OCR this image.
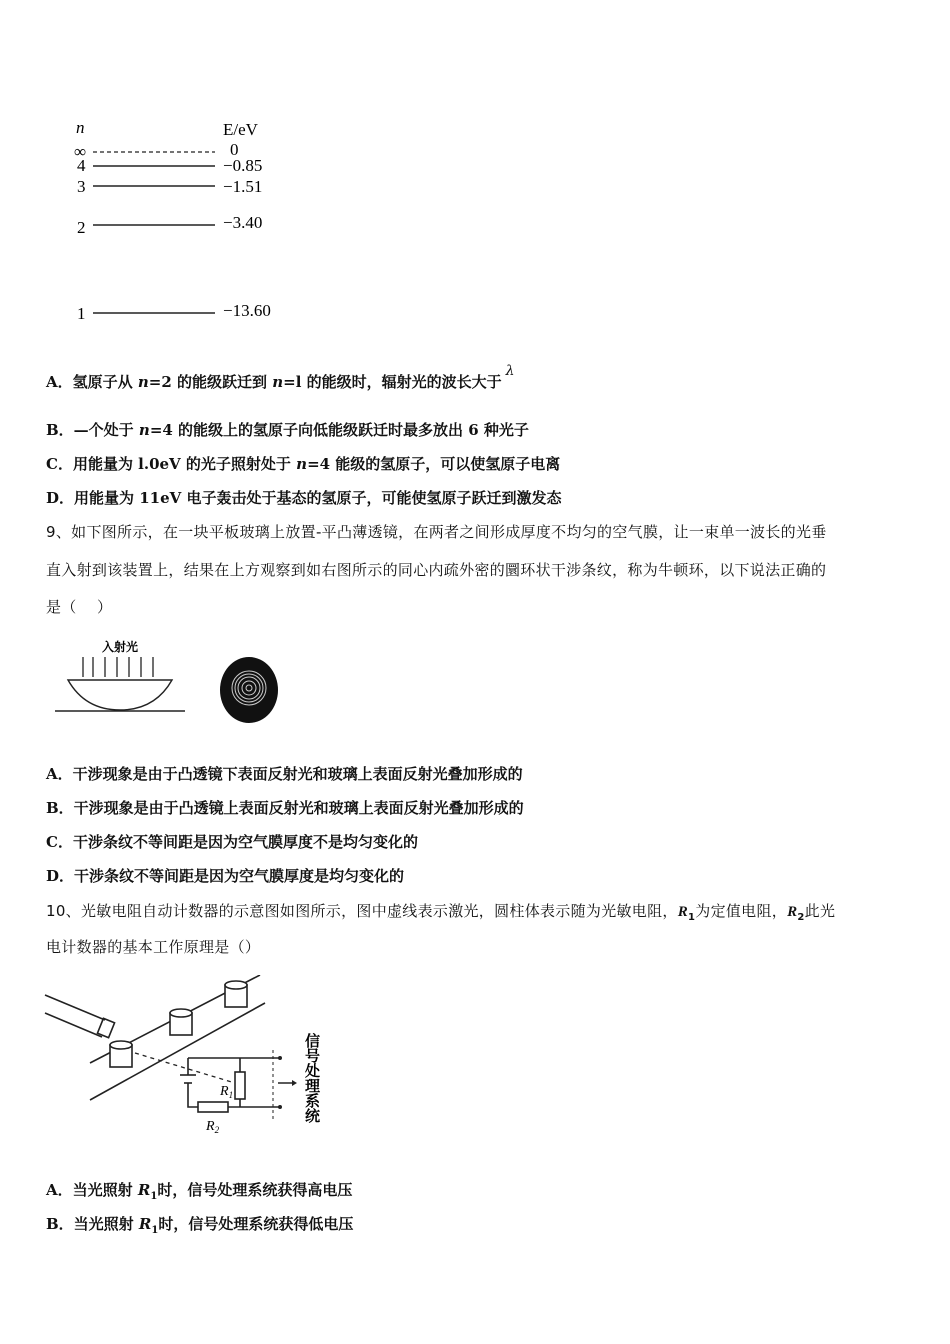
n	E/eV
∞	0
4	−0.85
3	−1.51
2	−3.40
1	−13.60
A．氢原子从 n=2 的能级跃迁到 n=l 的能级时，辐射光的波长大于λ
B．—个处于 n=4 的能级上的氢原子向低能级跃迁时最多放出 6 种光子
C．用能量为 l.0eV 的光子照射处于 n=4 能级的氢原子，可以使氢原子电离
D．用能量为 11eV 电子轰击处于基态的氢原子，可能使氢原子跃迁到激发态
9、如下图所示，在一块平板玻璃上放置-平凸薄透镜，在两者之间形成厚度不均匀的空气膜，让一束单一波长的光垂
直入射到该装置上，结果在上方观察到如右图所示的同心内疏外密的圜环状干涉条纹，称为牛顿环，以下说法正确的
是（　 ）
入射光
A．干涉现象是由于凸透镜下表面反射光和玻璃上表面反射光叠加形成的
B．干涉现象是由于凸透镜上表面反射光和玻璃上表面反射光叠加形成的
C．干涉条纹不等间距是因为空气膜厚度不是均匀变化的
D．干涉条纹不等间距是因为空气膜厚度是均匀变化的
10、光敏电阻自动计数器的示意图如图所示，图中虚线表示激光，圆柱体表示随为光敏电阻，$R_1$为定值电阻，$R_2$此光
电计数器的基本工作原理是（）
$R_1$
$R_2$
信号处理系统
A．当光照射 $R_1$时，信号处理系统获得高电压
B．当光照射 $R_1$时，信号处理系统获得低电压
